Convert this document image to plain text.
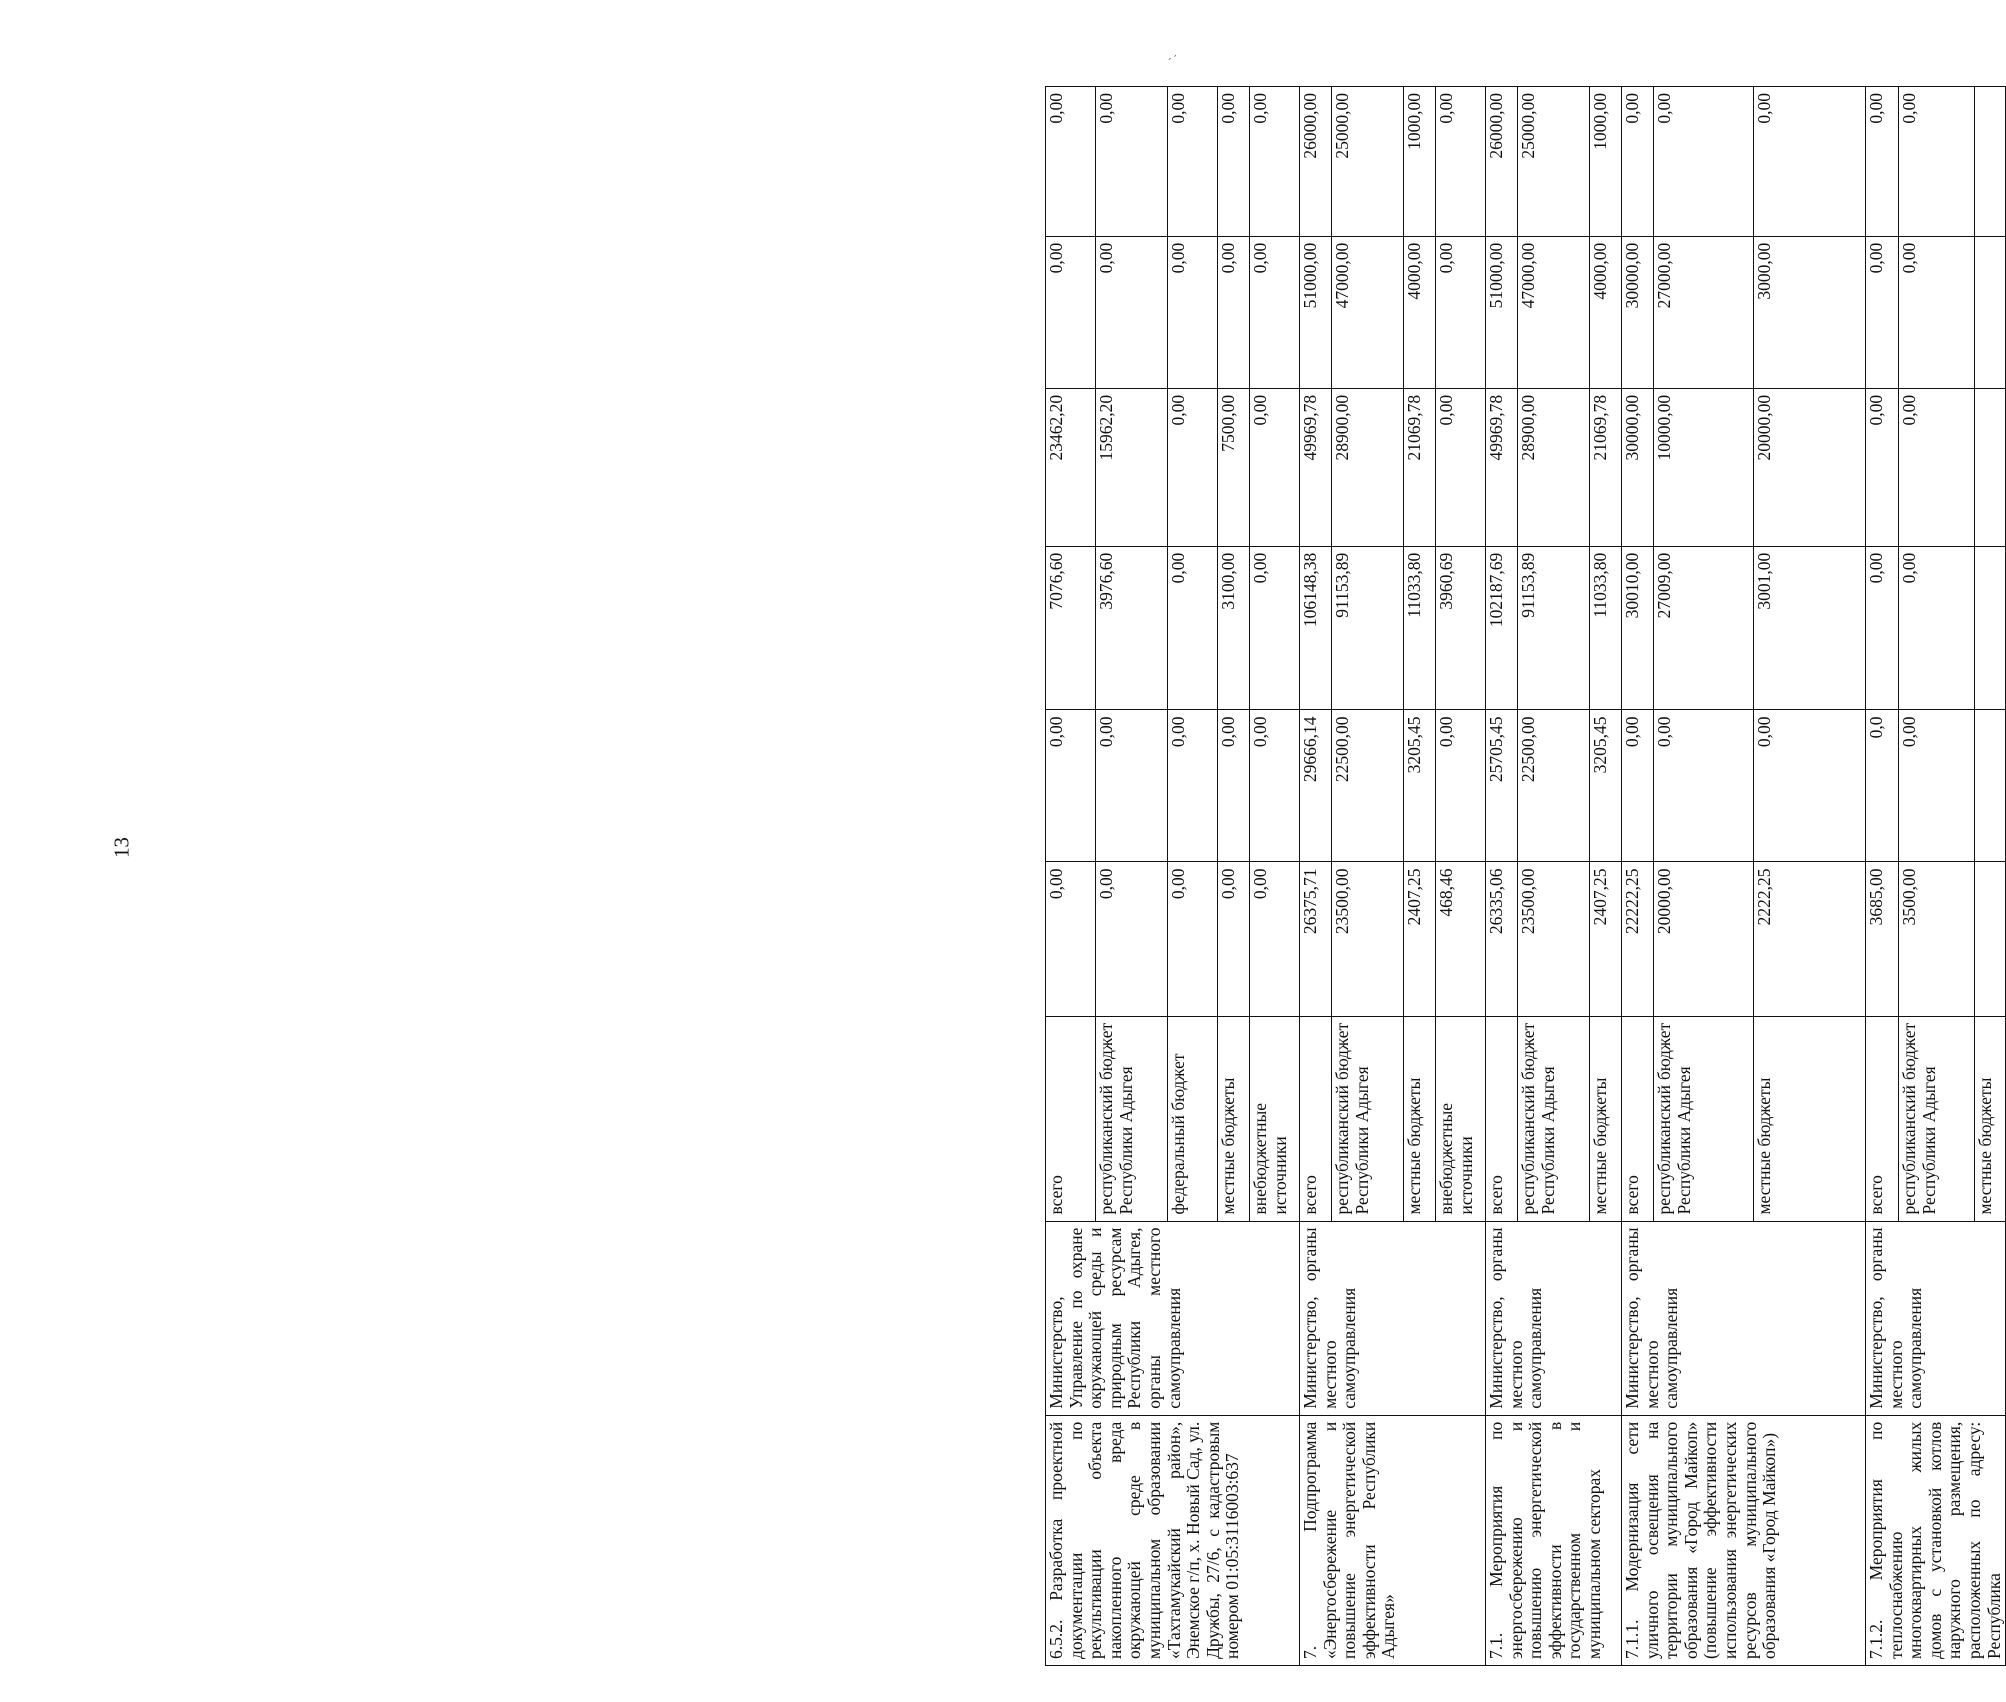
13
,'
6.5.2. Разработка проектной документации по рекультивации объекта накопленного вреда окружающей среде в муниципальном образовании «Тахтамукайский район», Энемское г/п, х. Новый Сад, ул. Дружбы, 27/6, с кадастровым номером 01:05:3116003:637	Министерство, Управление по охране окружающей среды и природным ресурсам Республики Адыгея, органы местного самоуправления	всего	0,00	0,00	7076,60	23462,20	0,00	0,00
		республиканский бюджет Республики Адыгея	0,00	0,00	3976,60	15962,20	0,00	0,00
		федеральный бюджет	0,00	0,00	0,00	0,00	0,00	0,00
		местные бюджеты	0,00	0,00	3100,00	7500,00	0,00	0,00
		внебюджетные источники	0,00	0,00	0,00	0,00	0,00	0,00
7. Подпрограмма «Энергосбережение и повышение энергетической эффективности Республики Адыгея»	Министерство, органы местного самоуправления	всего	26375,71	29666,14	106148,38	49969,78	51000,00	26000,00
		республиканский бюджет Республики Адыгея	23500,00	22500,00	91153,89	28900,00	47000,00	25000,00
		местные бюджеты	2407,25	3205,45	11033,80	21069,78	4000,00	1000,00
		внебюджетные источники	468,46	0,00	3960,69	0,00	0,00	0,00
7.1. Мероприятия по энергосбережению и повышению энергетической эффективности в государственном и муниципальном секторах	Министерство, органы местного самоуправления	всего	26335,06	25705,45	102187,69	49969,78	51000,00	26000,00
		республиканский бюджет Республики Адыгея	23500,00	22500,00	91153,89	28900,00	47000,00	25000,00
		местные бюджеты	2407,25	3205,45	11033,80	21069,78	4000,00	1000,00
7.1.1. Модернизация сети уличного освещения на территории муниципального образования «Город Майкоп» (повышение эффективности использования энергетических ресурсов муниципального образования «Город Майкоп»)	Министерство, органы местного самоуправления	всего	22222,25	0,00	30010,00	30000,00	30000,00	0,00
		республиканский бюджет Республики Адыгея	20000,00	0,00	27009,00	10000,00	27000,00	0,00
		местные бюджеты	2222,25	0,00	3001,00	20000,00	3000,00	0,00
7.1.2. Мероприятия по теплоснабжению многоквартирных жилых домов с установкой котлов наружного размещения, расположенных по адресу: Республика	Министерство, органы местного самоуправления	всего	3685,00	0,0	0,00	0,00	0,00	0,00
		республиканский бюджет Республики Адыгея	3500,00	0,00	0,00	0,00	0,00	0,00
		местные бюджеты						
